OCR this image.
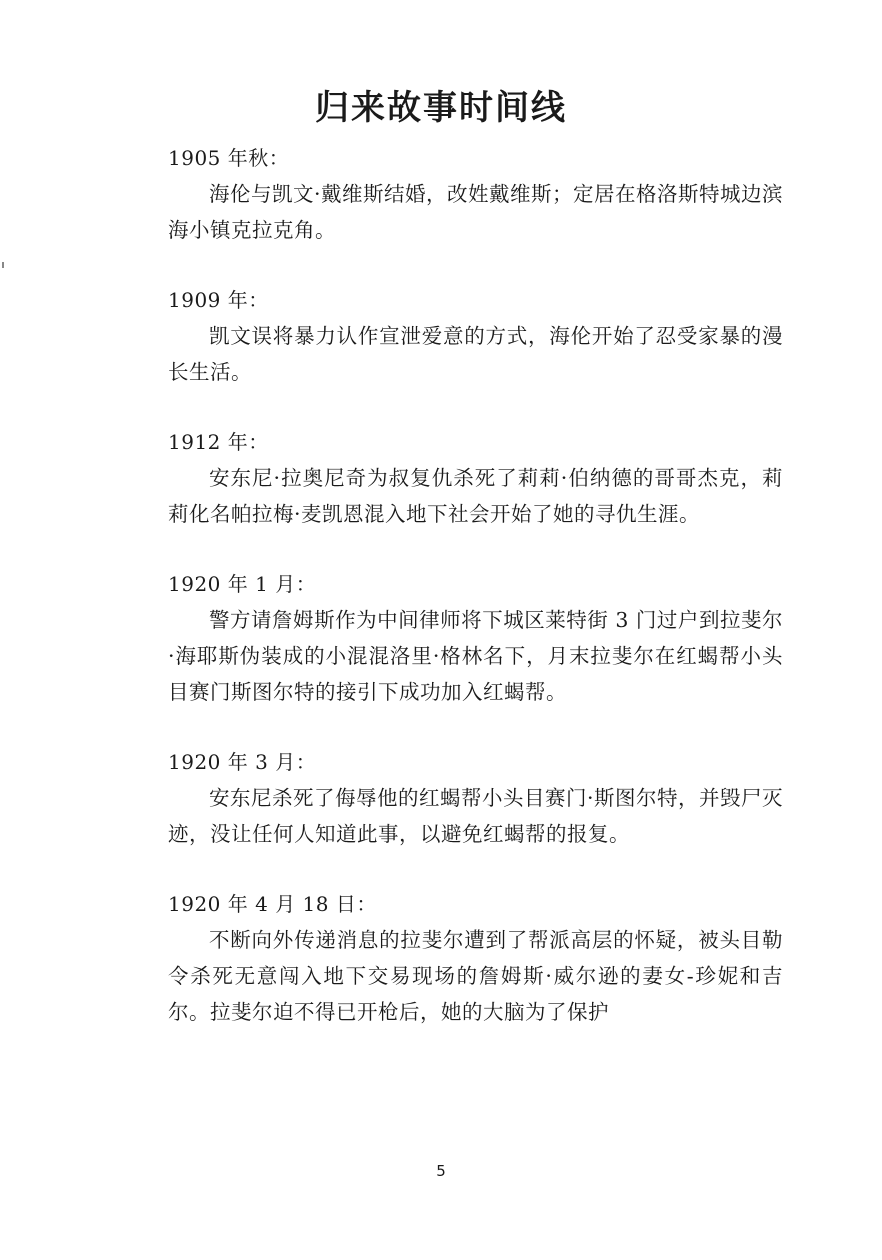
归来故事时间线

1905 年秋：

海伦与凯文·戴维斯结婚，改姓戴维斯；定居在格洛斯特城边滨海小镇克拉克角。

1909 年：

凯文误将暴力认作宣泄爱意的方式，海伦开始了忍受家暴的漫长生活。

1912 年：

安东尼·拉奥尼奇为叔复仇杀死了莉莉·伯纳德的哥哥杰克，莉莉化名帕拉梅·麦凯恩混入地下社会开始了她的寻仇生涯。

1920 年 1 月：

警方请詹姆斯作为中间律师将下城区莱特街 3 门过户到拉斐尔·海耶斯伪装成的小混混洛里·格林名下，月末拉斐尔在红蝎帮小头目赛门斯图尔特的接引下成功加入红蝎帮。

1920 年 3 月：

安东尼杀死了侮辱他的红蝎帮小头目赛门·斯图尔特，并毁尸灭迹，没让任何人知道此事，以避免红蝎帮的报复。

1920 年 4 月 18 日：

不断向外传递消息的拉斐尔遭到了帮派高层的怀疑，被头目勒令杀死无意闯入地下交易现场的詹姆斯·威尔逊的妻女-珍妮和吉尔。拉斐尔迫不得已开枪后，她的大脑为了保护

5
